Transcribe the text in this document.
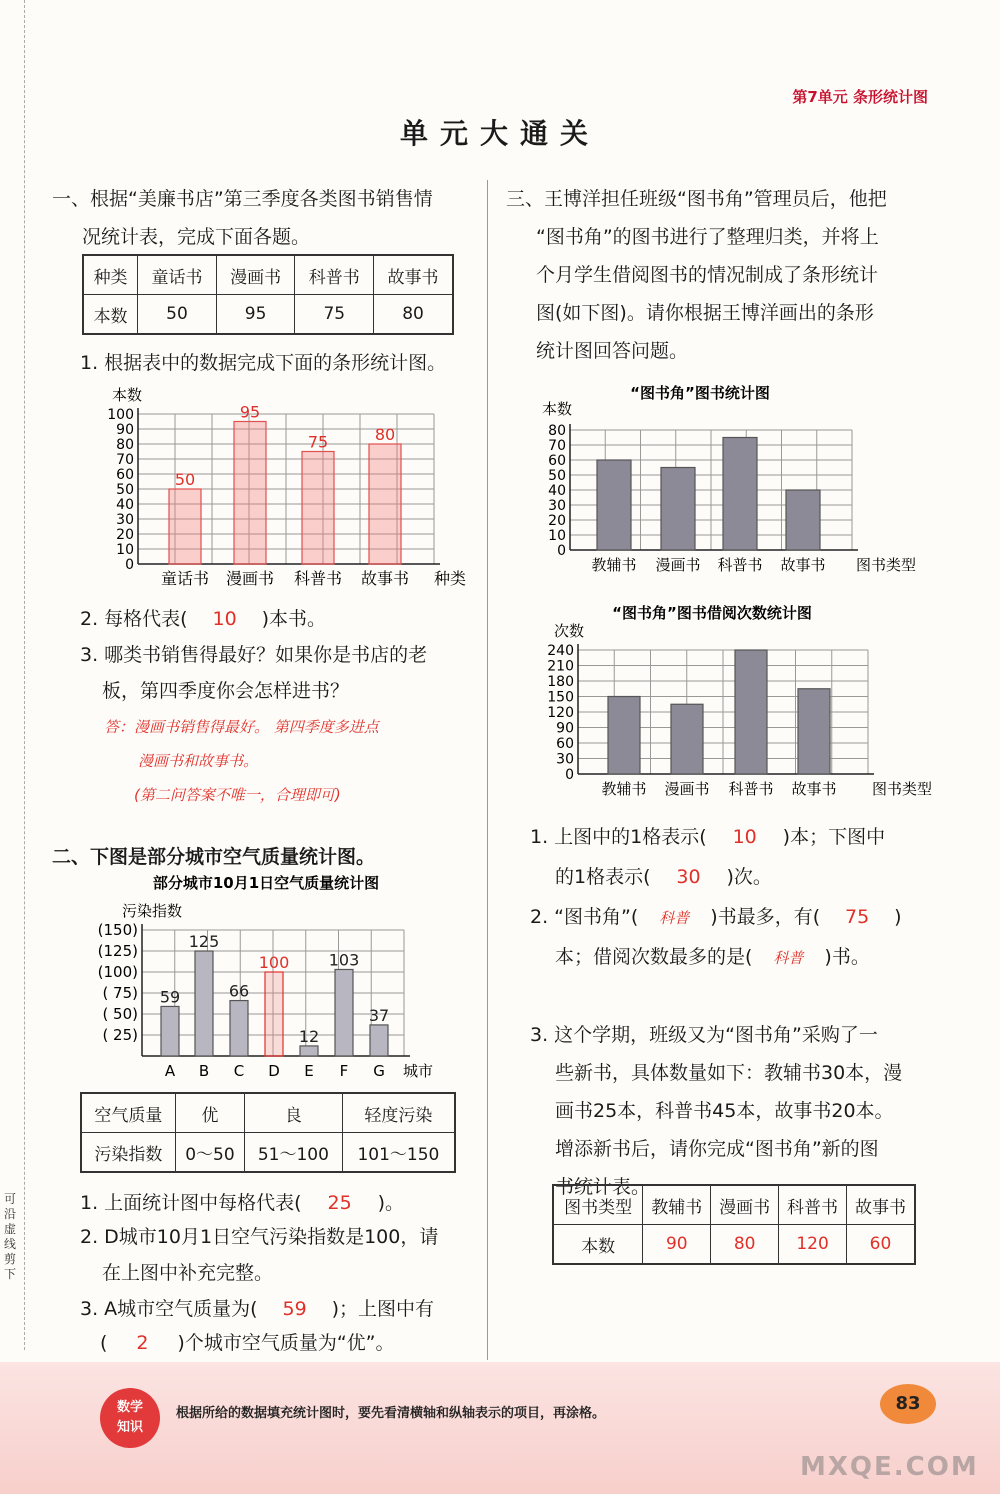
第7单元 条形统计图
单元大通关
可沿虚线剪下

一、根据“美廉书店”第三季度各类图书销售情

况统计表，完成下面各题。

种类	童话书	漫画书	科普书	故事书
本数	50	95	75	80

1. 根据表中的数据完成下面的条形统计图。

本数
0
10
20
30
40
50
60
70
80
90
100
50
童话书
95
漫画书
75
科普书
80
故事书 种类

2. 每格代表( 10 )本书。

3. 哪类书销售得最好？如果你是书店的老

板，第四季度你会怎样进书？

答：漫画书销售得最好。 第四季度多进点
漫画书和故事书。
(第二问答案不唯一，合理即可)

二、下图是部分城市空气质量统计图。

部分城市10月1日空气质量统计图
污染指数
( 25)
( 50)
( 75)
(100)
(125)
(150)
59
A
125
B
66
C
100
D
12
E
103
F
37
G 城市
空气质量	优	良	轻度污染
污染指数	0～50	51～100	101～150

1. 上面统计图中每格代表( 25 )。

2. D城市10月1日空气污染指数是100，请

在上图中补充完整。

3. A城市空气质量为( 59 )；上图中有

( 2 )个城市空气质量为“优”。

三、王博洋担任班级“图书角”管理员后，他把

“图书角”的图书进行了整理归类，并将上

个月学生借阅图书的情况制成了条形统计

图(如下图)。请你根据王博洋画出的条形

统计图回答问题。

“图书角”图书统计图
本数
0
10
20
30
40
50
60
70
80
教辅书 漫画书 科普书 故事书 图书类型
“图书角”图书借阅次数统计图
次数
0
30
60
90
120
150
180
210
240
教辅书 漫画书 科普书 故事书 图书类型

1. 上图中的1格表示( 10 )本；下图中

的1格表示( 30 )次。

2. “图书角”( 科普 )书最多，有( 75 )

本；借阅次数最多的是( 科普 )书。

3. 这个学期，班级又为“图书角”采购了一

些新书，具体数量如下：教辅书30本，漫

画书25本，科普书45本，故事书20本。

增添新书后，请你完成“图书角”新的图

书统计表。

图书类型	教辅书	漫画书	科普书	故事书
本数	90	80	120	60
数学
知识
根据所给的数据填充统计图时，要先看清横轴和纵轴表示的项目，再涂格。	83
MXQE.COM
